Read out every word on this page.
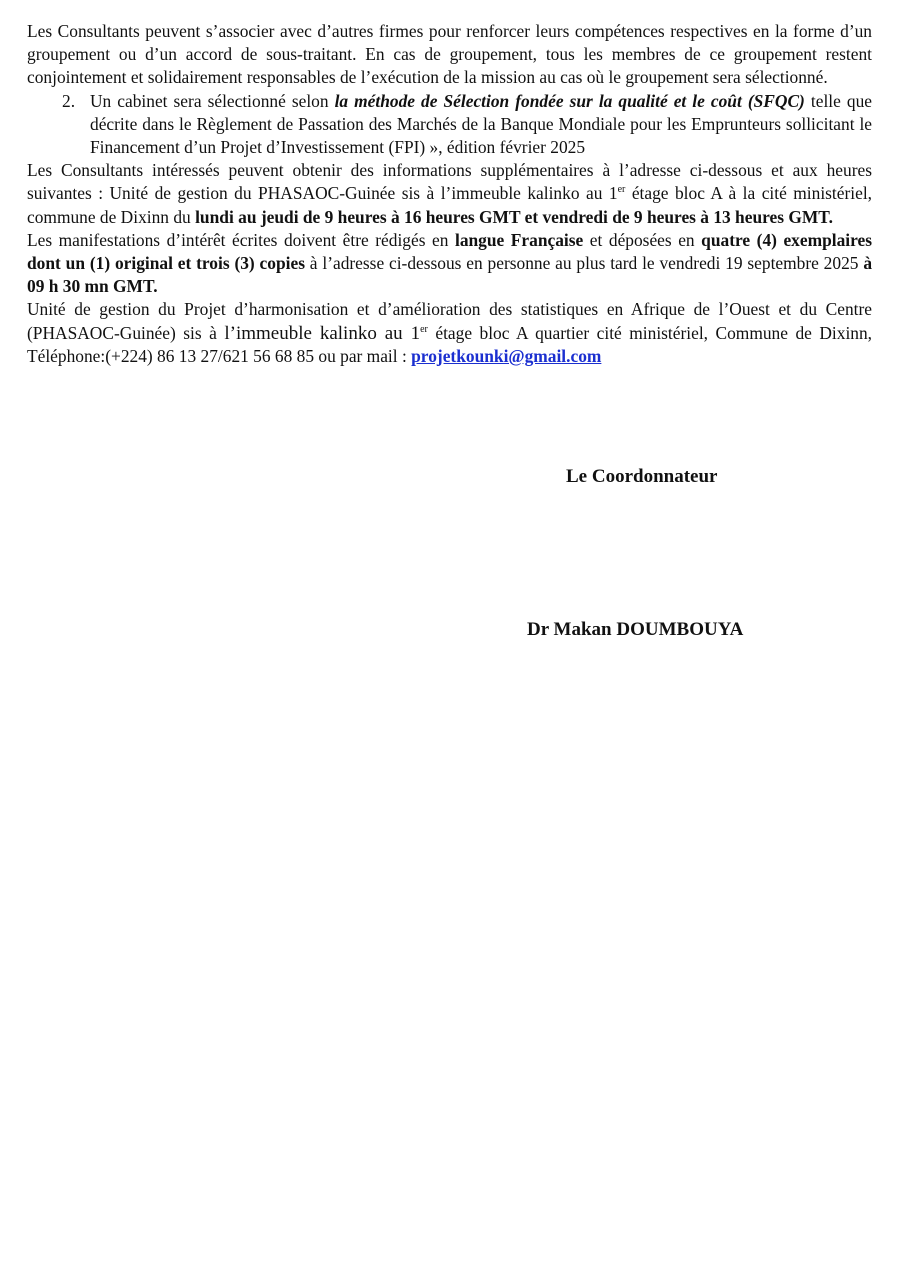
Les Consultants peuvent s’associer avec d’autres firmes pour renforcer leurs compétences respectives en la forme d’un groupement ou d’un accord de sous-traitant. En cas de groupement, tous les membres de ce groupement restent conjointement et solidairement responsables de l’exécution de la mission au cas où le groupement sera sélectionné.

2. Un cabinet sera sélectionné selon la méthode de Sélection fondée sur la qualité et le coût (SFQC) telle que décrite dans le Règlement de Passation des Marchés de la Banque Mondiale pour les Emprunteurs sollicitant le Financement d’un Projet d’Investissement (FPI) », édition février 2025

Les Consultants intéressés peuvent obtenir des informations supplémentaires à l’adresse ci-dessous et aux heures suivantes : Unité de gestion du PHASAOC-Guinée sis à l’immeuble kalinko au 1er étage bloc A à la cité ministériel, commune de Dixinn du lundi au jeudi de 9 heures à 16 heures GMT et vendredi de 9 heures à 13 heures GMT.

Les manifestations d’intérêt écrites doivent être rédigés en langue Française et déposées en quatre (4) exemplaires dont un (1) original et trois (3) copies à l’adresse ci-dessous en personne au plus tard le vendredi 19 septembre 2025 à 09 h 30 mn GMT.

Unité de gestion du Projet d’harmonisation et d’amélioration des statistiques en Afrique de l’Ouest et du Centre (PHASAOC-Guinée) sis à l’immeuble kalinko au 1er étage bloc A quartier cité ministériel, Commune de Dixinn, Téléphone:(+224) 86 13 27/621 56 68 85 ou par mail : projetkounki@gmail.com

Le Coordonnateur
Dr Makan DOUMBOUYA
